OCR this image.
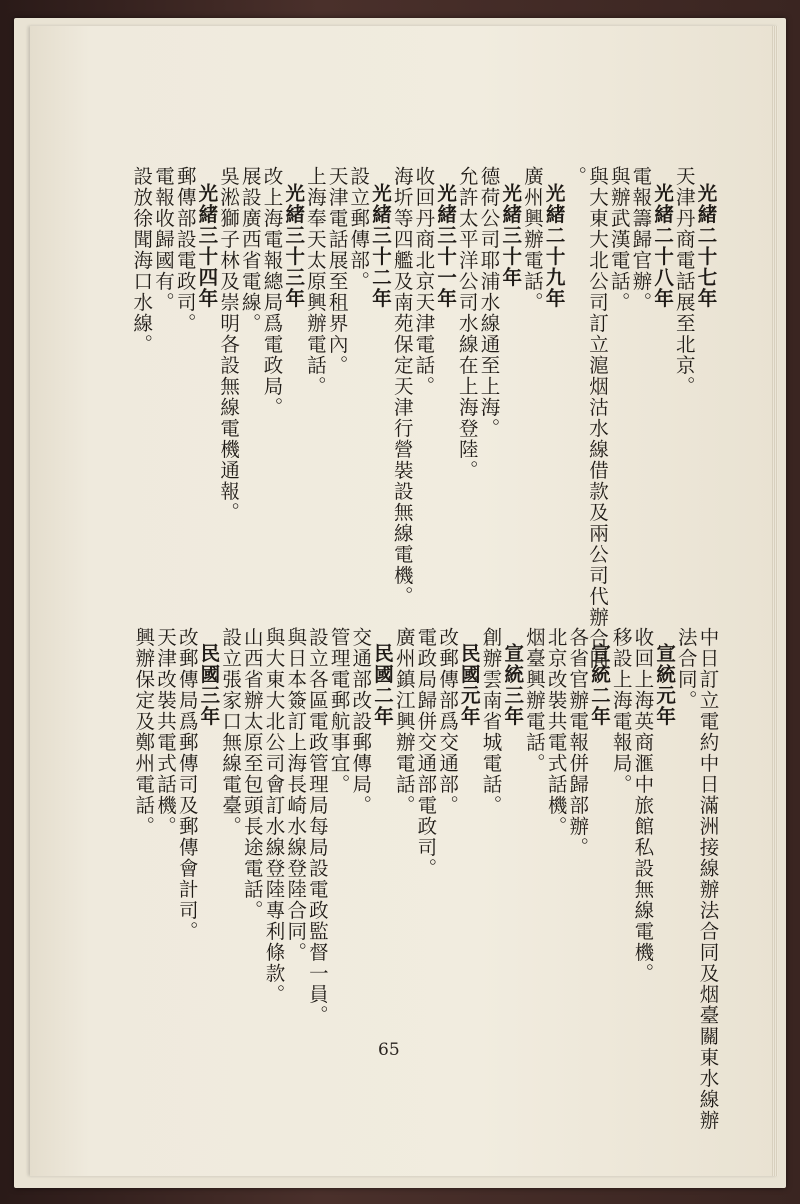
光緒二十七年
天津丹商電話展至北京。
光緒二十八年
電報籌歸官辦。
與辦武漢電話。
與大東大北公司訂立滬烟沽水線借款及兩公司代辦合同
。
光緒二十九年
廣州興辦電話。
光緒三十年
德荷公司耶浦水線通至上海。
允許太平洋公司水線在上海登陸。
光緒三十一年
收回丹商北京天津電話。
海圻等四艦及南苑保定天津行營裝設無線電機。
光緒三十二年
設立郵傳部。
天津電話展至租界內。
上海奉天太原興辦電話。
光緒三十三年
改上海電報總局爲電政局。
展設廣西省電線。
吳淞獅子林及崇明各設無線電機通報。
光緒三十四年
郵傳部設電政司。
電報收歸國有。
設放徐聞海口水線。
中日訂立電約中日滿洲接線辦法合同及烟臺關東水線辦
法合同。
宣統元年
收回上海英商滙中旅館私設無線電機。
移設上海電報局。
宣統二年
各省官辦電報併歸部辦。
北京改裝共電式話機。
烟臺興辦電話。
宣統三年
創辦雲南省城電話。
民國元年
改郵傳部爲交通部。
電政局歸併交通部電政司。
廣州鎮江興辦電話。
民國二年
交通部改設郵傳局。
管理電郵航事宜。
設立各區電政管理局每局設電政監督一員。
與日本簽訂上海長崎水線登陸合同。
與大東大北公司會訂水線登陸專利條款。
山西省辦太原至包頭長途電話。
設立張家口無線電臺。
民國三年
改郵傳局爲郵傳司及郵傳會計司。
天津改裝共電式話機。
興辦保定及鄭州電話。
65
